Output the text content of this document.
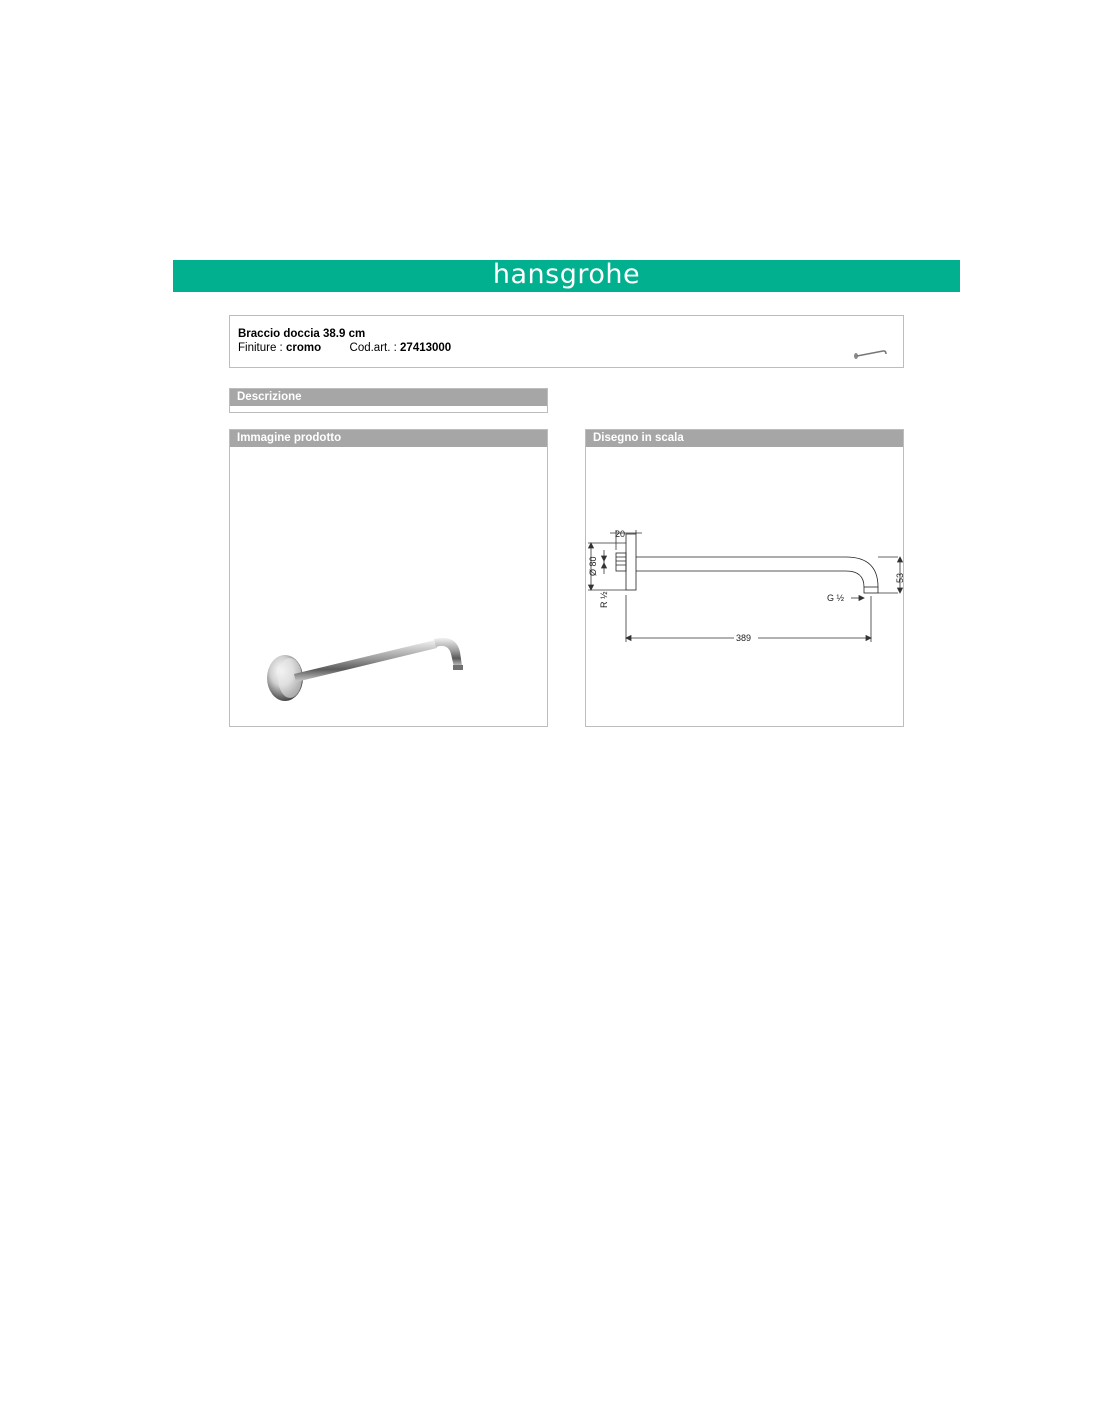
hansgrohe
Braccio doccia 38.9 cm
Finiture : cromo Cod.art. : 27413000
Descrizione
Immagine prodotto	Disegno in scala
20
Ø 80
R ½
53
G ½
389
